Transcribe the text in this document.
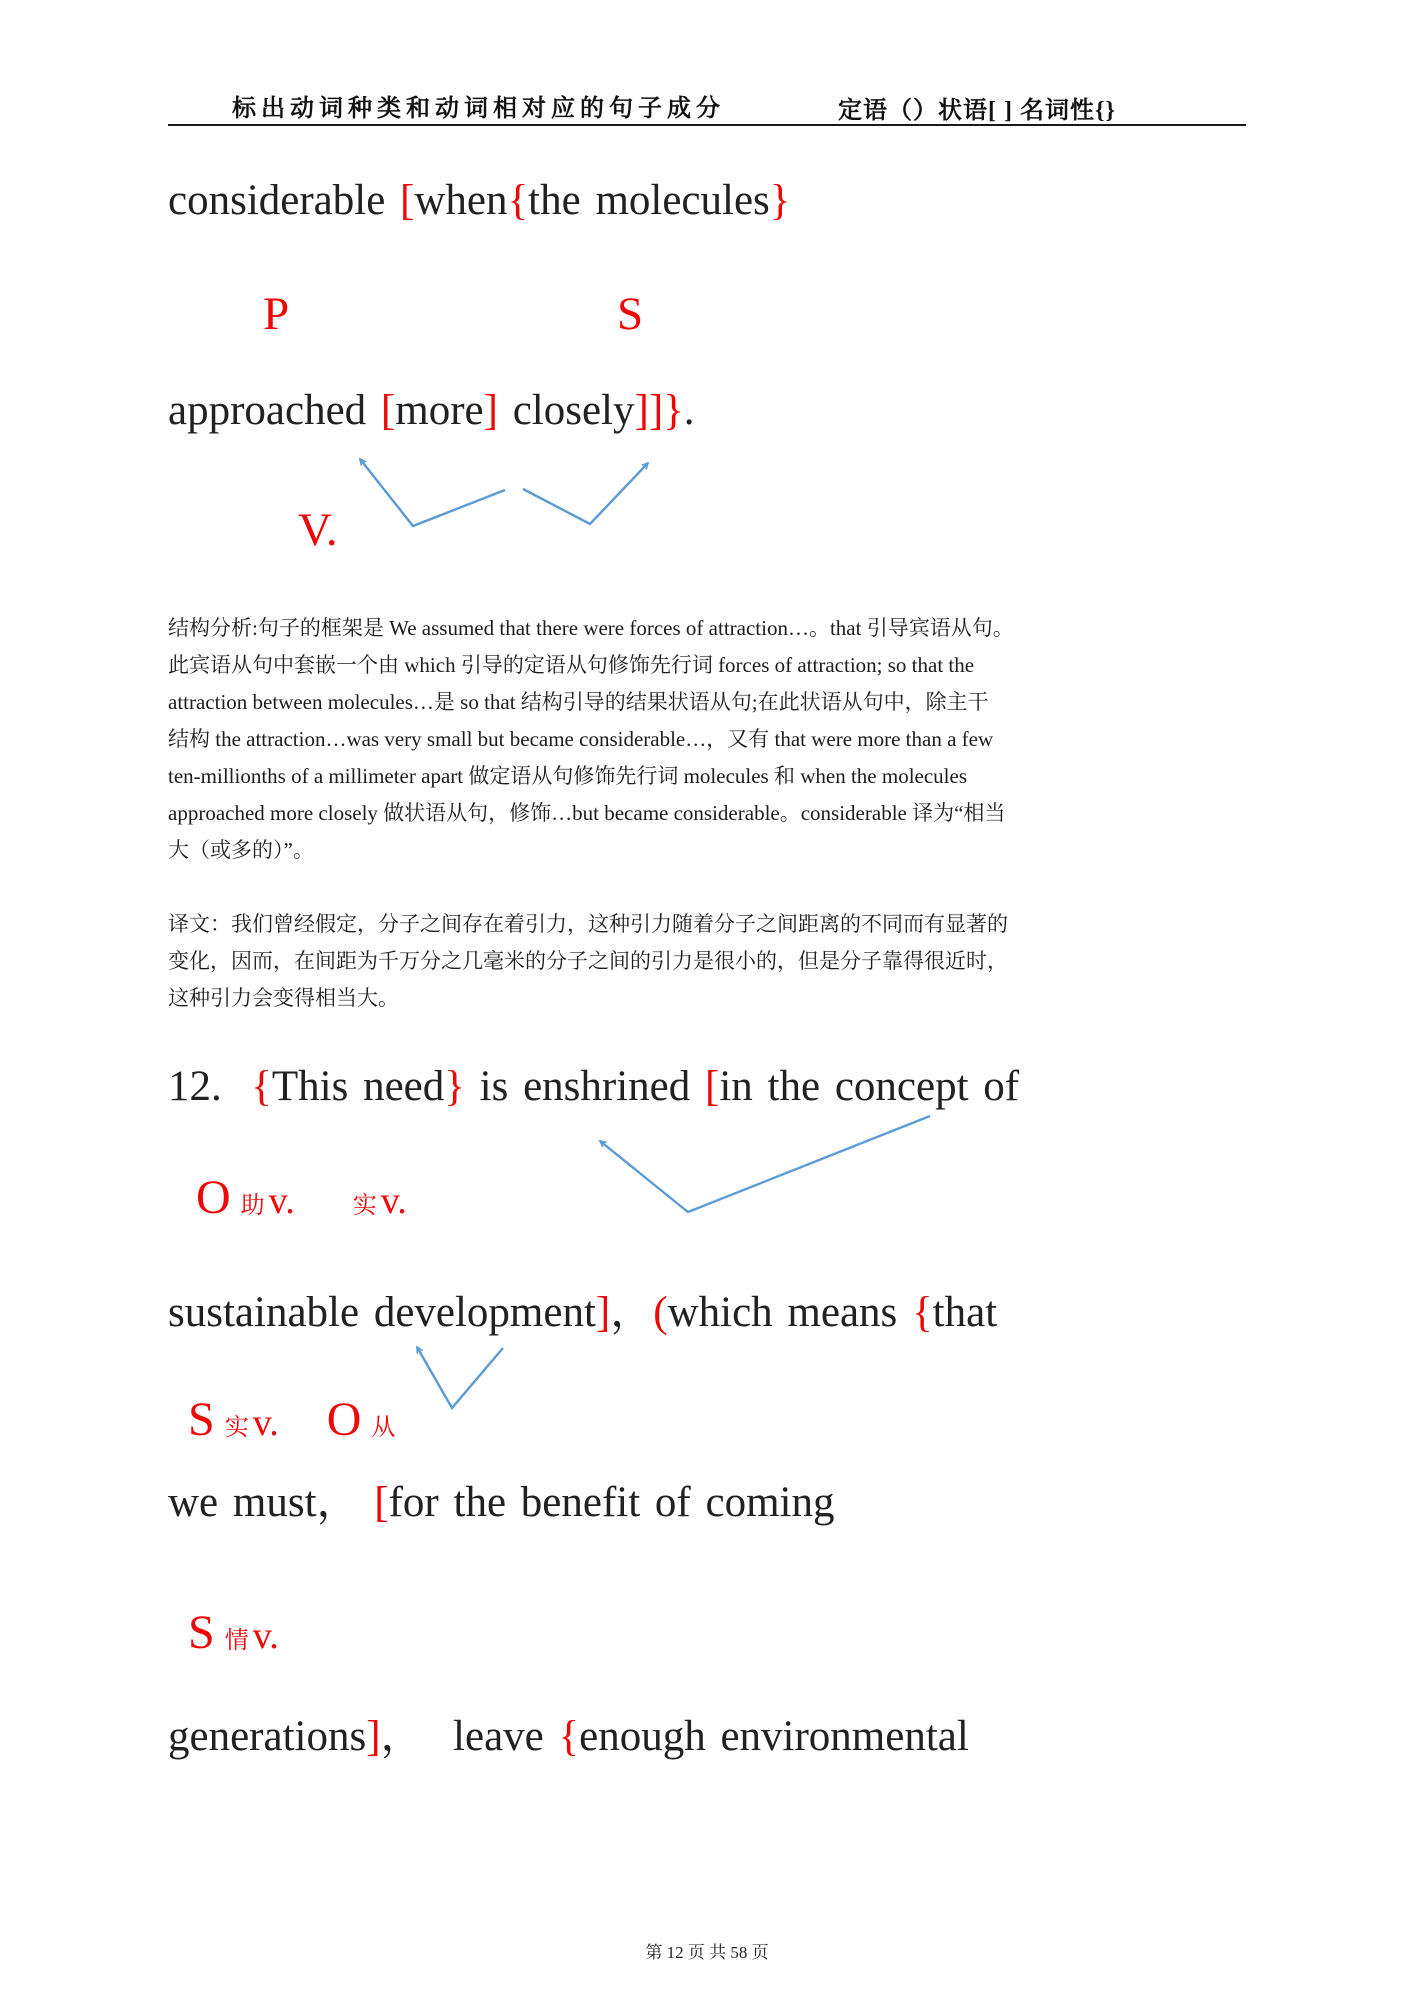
标出动词种类和动词相对应的句子成分	定语（）状语[ ] 名词性{}
considerable [when{the molecules}
P	S
approached [more] closely]]}.
V.
结构分析:句子的框架是 We assumed that there were forces of attraction…。that 引导宾语从句。
此宾语从句中套嵌一个由 which 引导的定语从句修饰先行词 forces of attraction; so that the
attraction between molecules…是 so that 结构引导的结果状语从句;在此状语从句中，除主干
结构 the attraction…was very small but became considerable…，又有 that were more than a few
ten-millionths of a millimeter apart 做定语从句修饰先行词 molecules 和 when the molecules
approached more closely 做状语从句，修饰…but became considerable。considerable 译为“相当
大（或多的）”。
译文：我们曾经假定，分子之间存在着引力，这种引力随着分子之间距离的不同而有显著的
变化，因而，在间距为千万分之几毫米的分子之间的引力是很小的，但是分子靠得很近时，
这种引力会变得相当大。
12.  {This need} is enshrined [in the concept of
O助 v. 实 v.
sustainable development]，(which means {that
S实 v. O 从
we must， [for the benefit of coming
S情 v.
generations]，  leave {enough environmental
第 12 页 共 58 页
